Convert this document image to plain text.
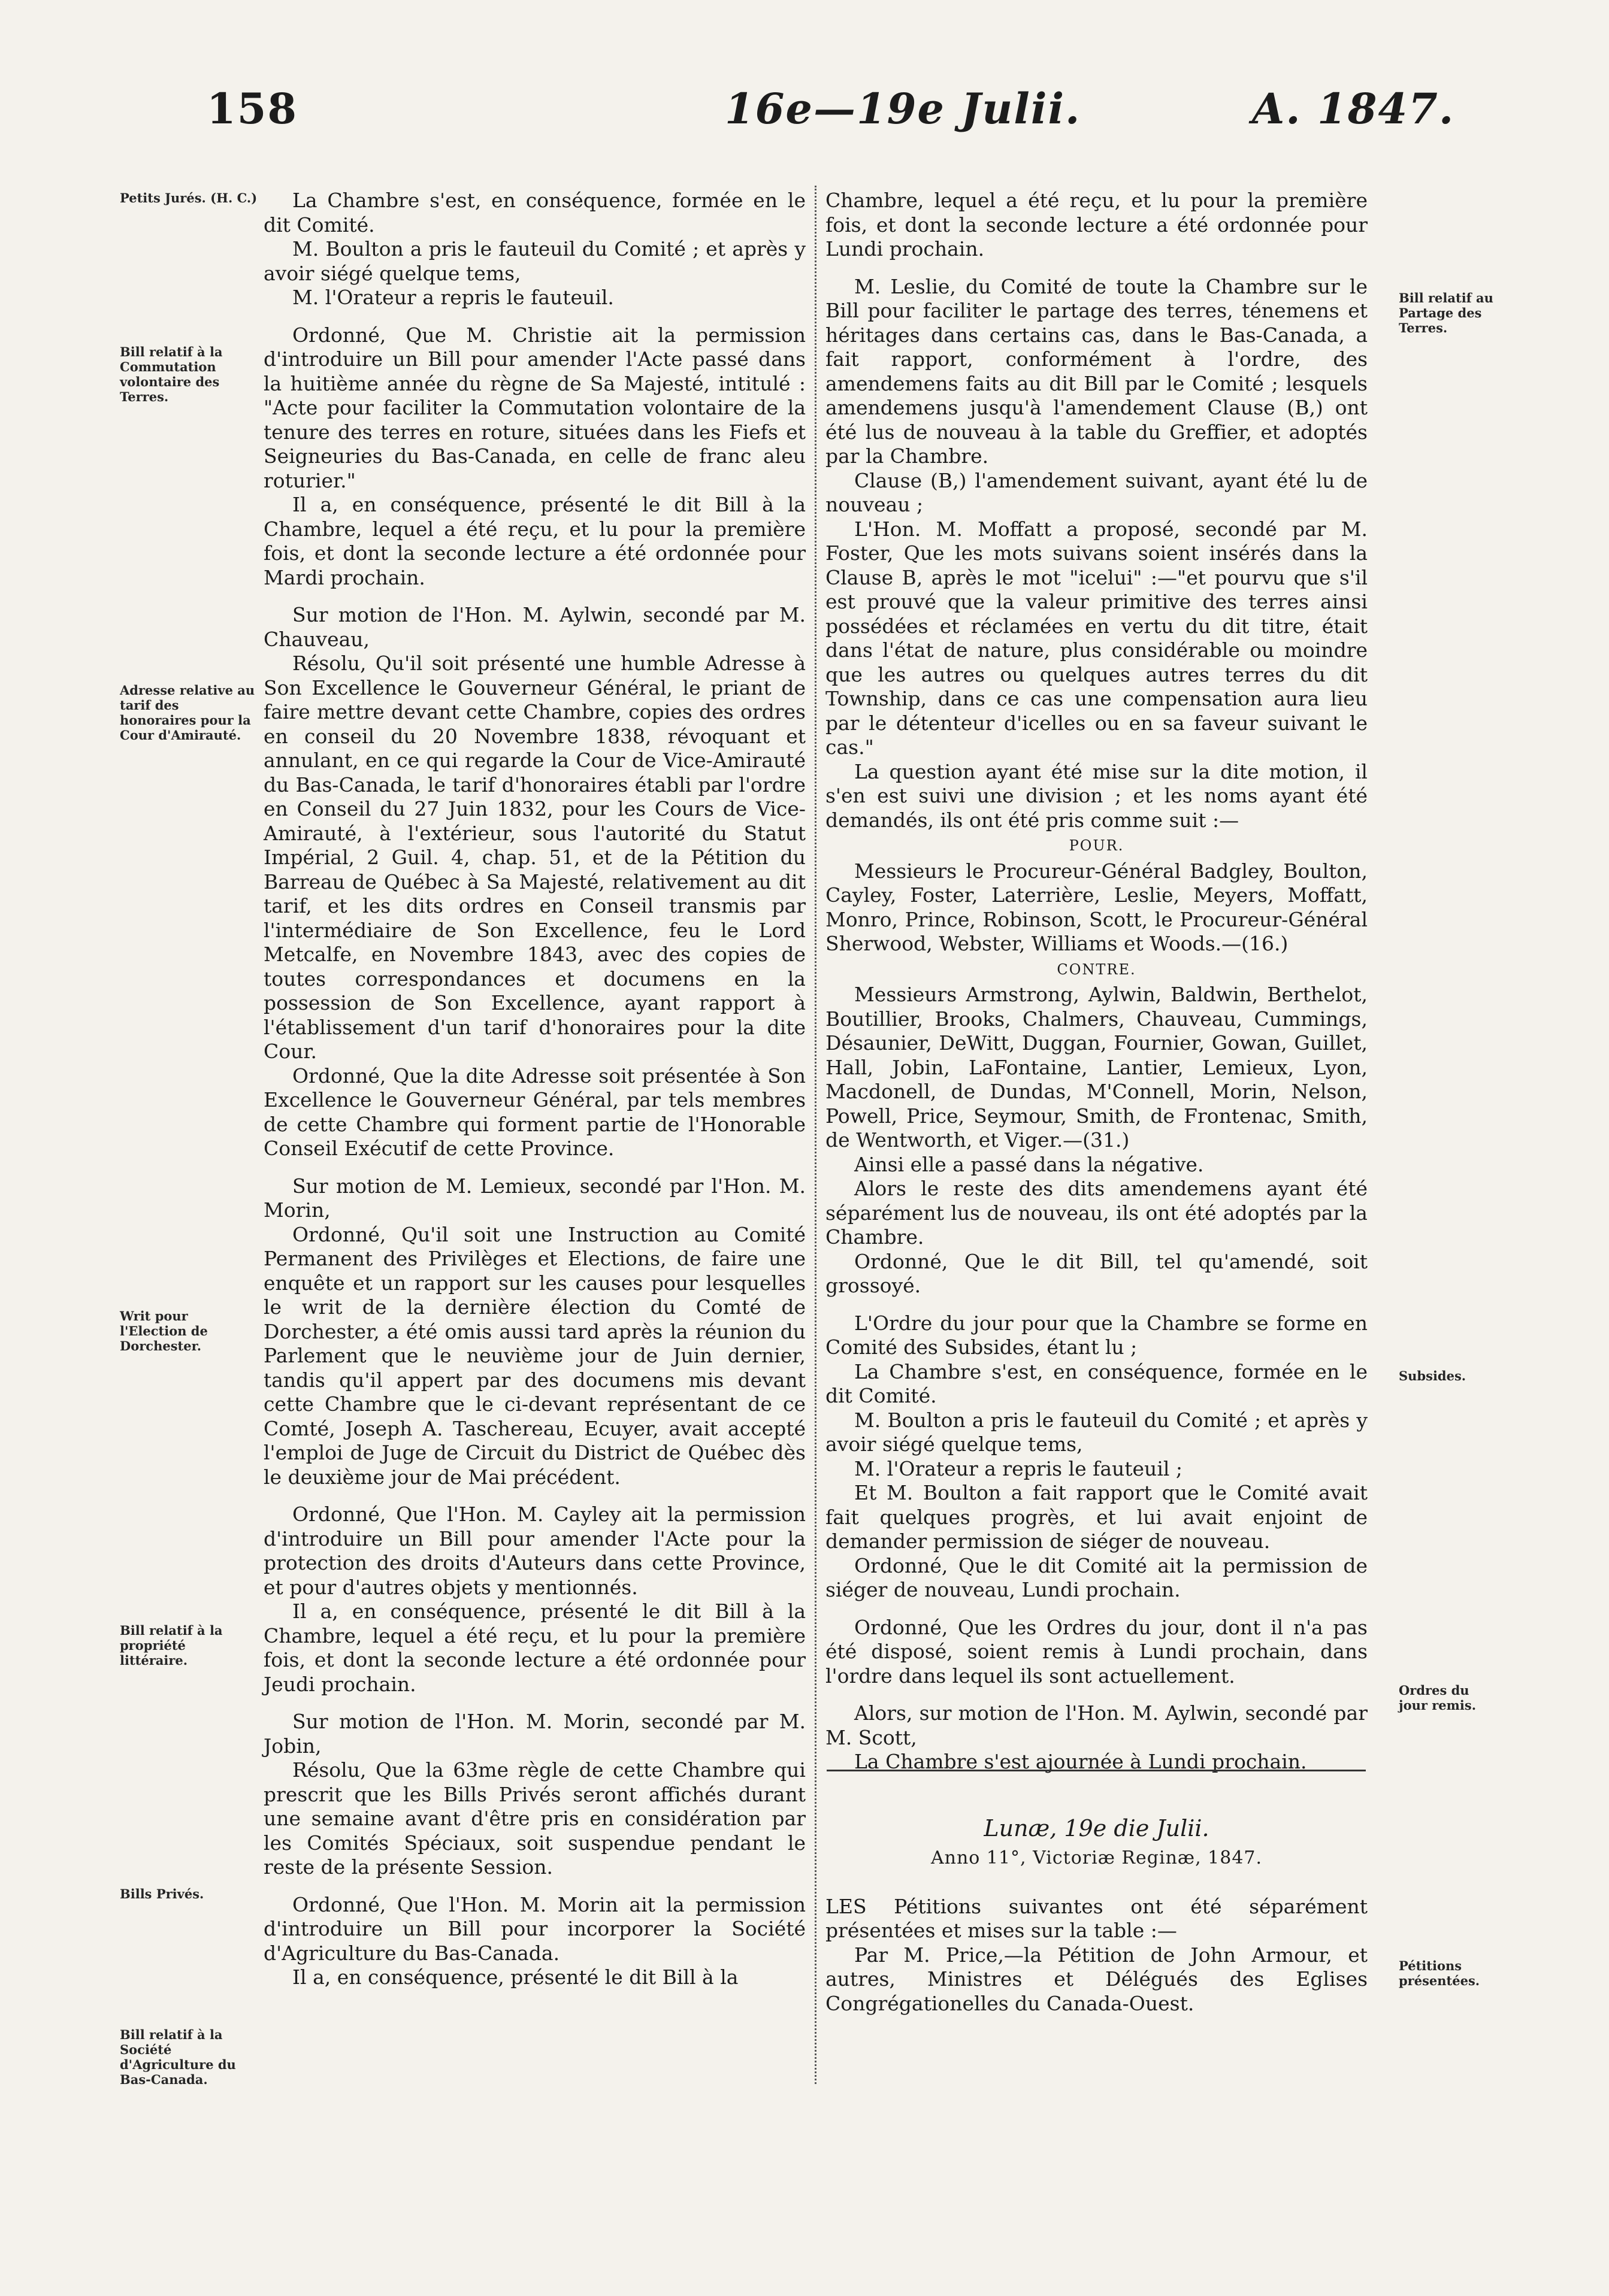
158	16e—19e Julii.	A. 1847.
Petits Jurés. (H. C.)
Bill relatif à la Commutation volontaire des Terres.
Adresse relative au tarif des honoraires pour la Cour d'Amirauté.
Writ pour l'Election de Dorchester.
Bill relatif à la propriété littéraire.
Bills Privés.
Bill relatif à la Société d'Agriculture du Bas-Canada.
Bill relatif au Partage des Terres.
Subsides.
Ordres du jour remis.
Pétitions présentées.

La Chambre s'est, en conséquence, formée en le dit Comité.

M. Boulton a pris le fauteuil du Comité ; et après y avoir siégé quelque tems,

M. l'Orateur a repris le fauteuil.

Ordonné, Que M. Christie ait la permission d'introduire un Bill pour amender l'Acte passé dans la huitième année du règne de Sa Majesté, intitulé : "Acte pour faciliter la Commutation volontaire de la tenure des terres en roture, situées dans les Fiefs et Seigneuries du Bas-Canada, en celle de franc aleu roturier."

Il a, en conséquence, présenté le dit Bill à la Chambre, lequel a été reçu, et lu pour la première fois, et dont la seconde lecture a été ordonnée pour Mardi prochain.

Sur motion de l'Hon. M. Aylwin, secondé par M. Chauveau,

Résolu, Qu'il soit présenté une humble Adresse à Son Excellence le Gouverneur Général, le priant de faire mettre devant cette Chambre, copies des ordres en conseil du 20 Novembre 1838, révoquant et annulant, en ce qui regarde la Cour de Vice-Amirauté du Bas-Canada, le tarif d'honoraires établi par l'ordre en Conseil du 27 Juin 1832, pour les Cours de Vice-Amirauté, à l'extérieur, sous l'autorité du Statut Impérial, 2 Guil. 4, chap. 51, et de la Pétition du Barreau de Québec à Sa Majesté, relativement au dit tarif, et les dits ordres en Conseil transmis par l'intermédiaire de Son Excellence, feu le Lord Metcalfe, en Novembre 1843, avec des copies de toutes correspondances et documens en la possession de Son Excellence, ayant rapport à l'établissement d'un tarif d'honoraires pour la dite Cour.

Ordonné, Que la dite Adresse soit présentée à Son Excellence le Gouverneur Général, par tels membres de cette Chambre qui forment partie de l'Honorable Conseil Exécutif de cette Province.

Sur motion de M. Lemieux, secondé par l'Hon. M. Morin,

Ordonné, Qu'il soit une Instruction au Comité Permanent des Privilèges et Elections, de faire une enquête et un rapport sur les causes pour lesquelles le writ de la dernière élection du Comté de Dorchester, a été omis aussi tard après la réunion du Parlement que le neuvième jour de Juin dernier, tandis qu'il appert par des documens mis devant cette Chambre que le ci-devant représentant de ce Comté, Joseph A. Taschereau, Ecuyer, avait accepté l'emploi de Juge de Circuit du District de Québec dès le deuxième jour de Mai précédent.

Ordonné, Que l'Hon. M. Cayley ait la permission d'introduire un Bill pour amender l'Acte pour la protection des droits d'Auteurs dans cette Province, et pour d'autres objets y mentionnés.

Il a, en conséquence, présenté le dit Bill à la Chambre, lequel a été reçu, et lu pour la première fois, et dont la seconde lecture a été ordonnée pour Jeudi prochain.

Sur motion de l'Hon. M. Morin, secondé par M. Jobin,

Résolu, Que la 63me règle de cette Chambre qui prescrit que les Bills Privés seront affichés durant une semaine avant d'être pris en considération par les Comités Spéciaux, soit suspendue pendant le reste de la présente Session.

Ordonné, Que l'Hon. M. Morin ait la permission d'introduire un Bill pour incorporer la Société d'Agriculture du Bas-Canada.

Il a, en conséquence, présenté le dit Bill à la

Chambre, lequel a été reçu, et lu pour la première fois, et dont la seconde lecture a été ordonnée pour Lundi prochain.

M. Leslie, du Comité de toute la Chambre sur le Bill pour faciliter le partage des terres, ténemens et héritages dans certains cas, dans le Bas-Canada, a fait rapport, conformément à l'ordre, des amendemens faits au dit Bill par le Comité ; lesquels amendemens jusqu'à l'amendement Clause (B,) ont été lus de nouveau à la table du Greffier, et adoptés par la Chambre.

Clause (B,) l'amendement suivant, ayant été lu de nouveau ;

L'Hon. M. Moffatt a proposé, secondé par M. Foster, Que les mots suivans soient insérés dans la Clause B, après le mot "icelui" :—"et pourvu que s'il est prouvé que la valeur primitive des terres ainsi possédées et réclamées en vertu du dit titre, était dans l'état de nature, plus considérable ou moindre que les autres ou quelques autres terres du dit Township, dans ce cas une compensation aura lieu par le détenteur d'icelles ou en sa faveur suivant le cas."

La question ayant été mise sur la dite motion, il s'en est suivi une division ; et les noms ayant été demandés, ils ont été pris comme suit :—

POUR.

Messieurs le Procureur-Général Badgley, Boulton, Cayley, Foster, Laterrière, Leslie, Meyers, Moffatt, Monro, Prince, Robinson, Scott, le Procureur-Général Sherwood, Webster, Williams et Woods.—(16.)

CONTRE.

Messieurs Armstrong, Aylwin, Baldwin, Berthelot, Boutillier, Brooks, Chalmers, Chauveau, Cummings, Désaunier, DeWitt, Duggan, Fournier, Gowan, Guillet, Hall, Jobin, LaFontaine, Lantier, Lemieux, Lyon, Macdonell, de Dundas, M'Connell, Morin, Nelson, Powell, Price, Seymour, Smith, de Frontenac, Smith, de Wentworth, et Viger.—(31.)

Ainsi elle a passé dans la négative.

Alors le reste des dits amendemens ayant été séparément lus de nouveau, ils ont été adoptés par la Chambre.

Ordonné, Que le dit Bill, tel qu'amendé, soit grossoyé.

L'Ordre du jour pour que la Chambre se forme en Comité des Subsides, étant lu ;

La Chambre s'est, en conséquence, formée en le dit Comité.

M. Boulton a pris le fauteuil du Comité ; et après y avoir siégé quelque tems,

M. l'Orateur a repris le fauteuil ;

Et M. Boulton a fait rapport que le Comité avait fait quelques progrès, et lui avait enjoint de demander permission de siéger de nouveau.

Ordonné, Que le dit Comité ait la permission de siéger de nouveau, Lundi prochain.

Ordonné, Que les Ordres du jour, dont il n'a pas été disposé, soient remis à Lundi prochain, dans l'ordre dans lequel ils sont actuellement.

Alors, sur motion de l'Hon. M. Aylwin, secondé par M. Scott,

La Chambre s'est ajournée à Lundi prochain.

Lunæ, 19e die Julii.

Anno 11°, Victoriæ Reginæ, 1847.

LES Pétitions suivantes ont été séparément présentées et mises sur la table :—

Par M. Price,—la Pétition de John Armour, et autres, Ministres et Délégués des Eglises Congrégationelles du Canada-Ouest.
